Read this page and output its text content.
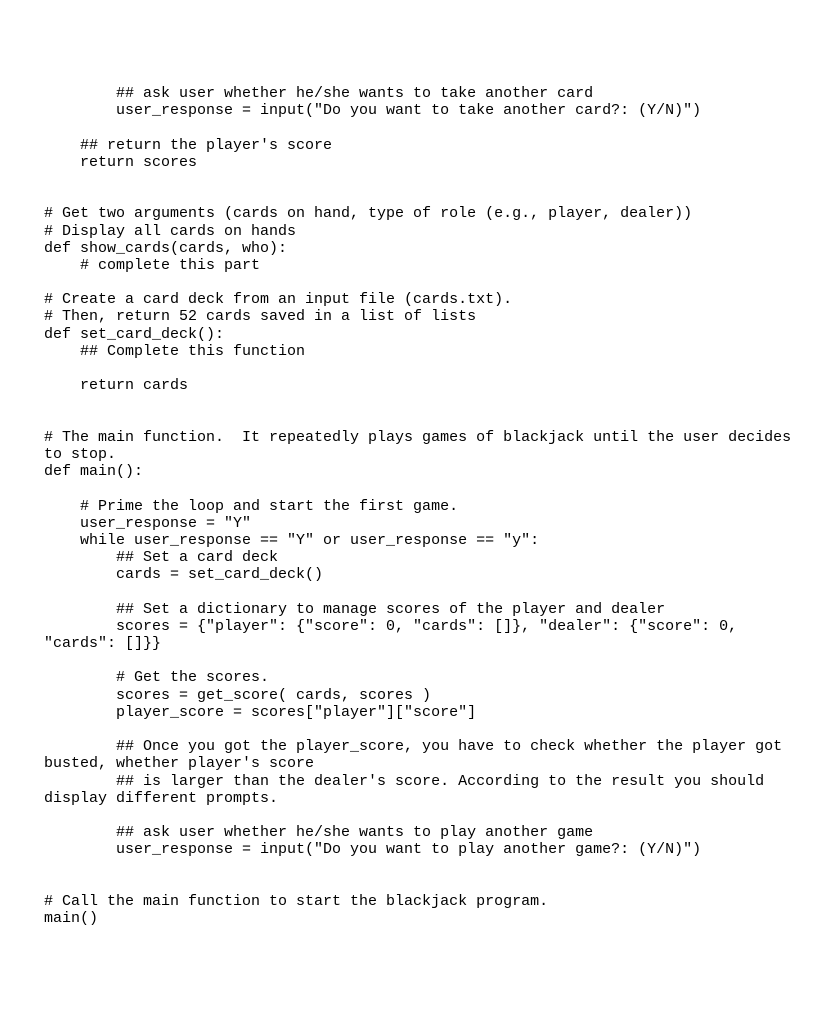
## ask user whether he/she wants to take another card
user_response = input("Do you want to take another card?: (Y/N)")
## return the player's score
return scores
# Get two arguments (cards on hand, type of role (e.g., player, dealer))
# Display all cards on hands
def show_cards(cards, who):
# complete this part
# Create a card deck from an input file (cards.txt).
# Then, return 52 cards saved in a list of lists
def set_card_deck():
## Complete this function
return cards
# The main function.  It repeatedly plays games of blackjack until the user decides
to stop.
def main():
# Prime the loop and start the first game.
user_response = "Y"
while user_response == "Y" or user_response == "y":
## Set a card deck
cards = set_card_deck()
## Set a dictionary to manage scores of the player and dealer
scores = {"player": {"score": 0, "cards": []}, "dealer": {"score": 0,
"cards": []}}
# Get the scores.
scores = get_score( cards, scores )
player_score = scores["player"]["score"]
## Once you got the player_score, you have to check whether the player got
busted, whether player's score
## is larger than the dealer's score. According to the result you should
display different prompts.
## ask user whether he/she wants to play another game
user_response = input("Do you want to play another game?: (Y/N)")
# Call the main function to start the blackjack program.
main()
